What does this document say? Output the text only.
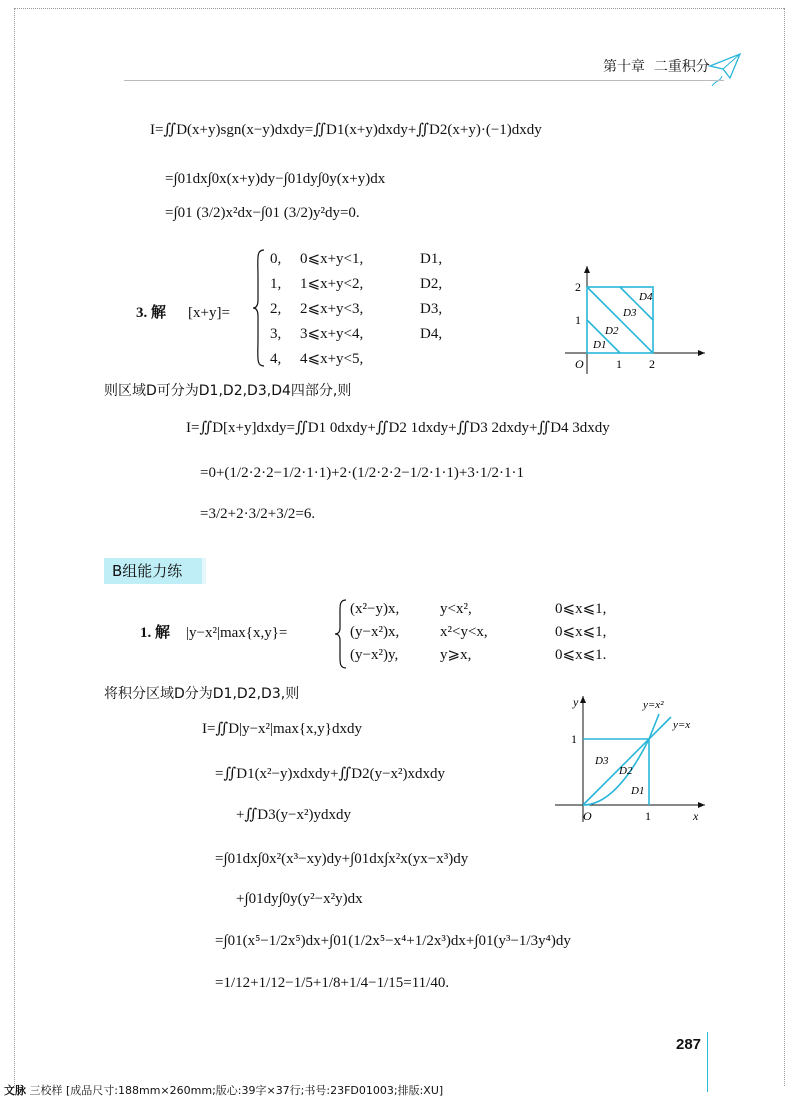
第十章 二重积分
I=∬D(x+y)sgn(x−y)dxdy=∬D1(x+y)dxdy+∬D2(x+y)·(−1)dxdy
=∫01dx∫0x(x+y)dy−∫01dy∫0y(x+y)dx
=∫01 (3/2)x²dx−∫01 (3/2)y²dy=0.
3. 解 [x+y]=
0, 0⩽x+y<1,	D1,
1, 1⩽x+y<2,	D2,
2, 2⩽x+y<3,	D3,
3, 3⩽x+y<4,	D4,
4, 4⩽x+y<5,
1
2
1 2
O
D1
D2
D3
D4
则区域D可分为D1,D2,D3,D4四部分,则
I=∬D[x+y]dxdy=∬D1 0dxdy+∬D2 1dxdy+∬D3 2dxdy+∬D4 3dxdy
=0+(1/2·2·2−1/2·1·1)+2·(1/2·2·2−1/2·1·1)+3·1/2·1·1
=3/2+2·3/2+3/2=6.
B组能力练
1. 解 |y−x²|max{x,y}=
(x²−y)x,	y<x²,	0⩽x⩽1,
(y−x²)x,	x²<y<x,	0⩽x⩽1,
(y−x²)y,	y⩾x,	0⩽x⩽1.
将积分区域D分为D1,D2,D3,则
I=∬D|y−x²|max{x,y}dxdy
=∬D1(x²−y)xdxdy+∬D2(y−x²)xdxdy
+∬D3(y−x²)ydxdy
=∫01dx∫0x²(x³−xy)dy+∫01dx∫x²x(yx−x³)dy
+∫01dy∫0y(y²−x²y)dx
=∫01(x⁵−1/2x⁵)dx+∫01(1/2x⁵−x⁴+1/2x³)dx+∫01(y³−1/3y⁴)dy
=1/12+1/12−1/5+1/8+1/4−1/15=11/40.
y
x
1
1
O
y=x²
y=x
D3
D2
D1
287
文脉 三校样 [成品尺寸:188mm×260mm;版心:39字×37行;书号:23FD01003;排版:XU]
